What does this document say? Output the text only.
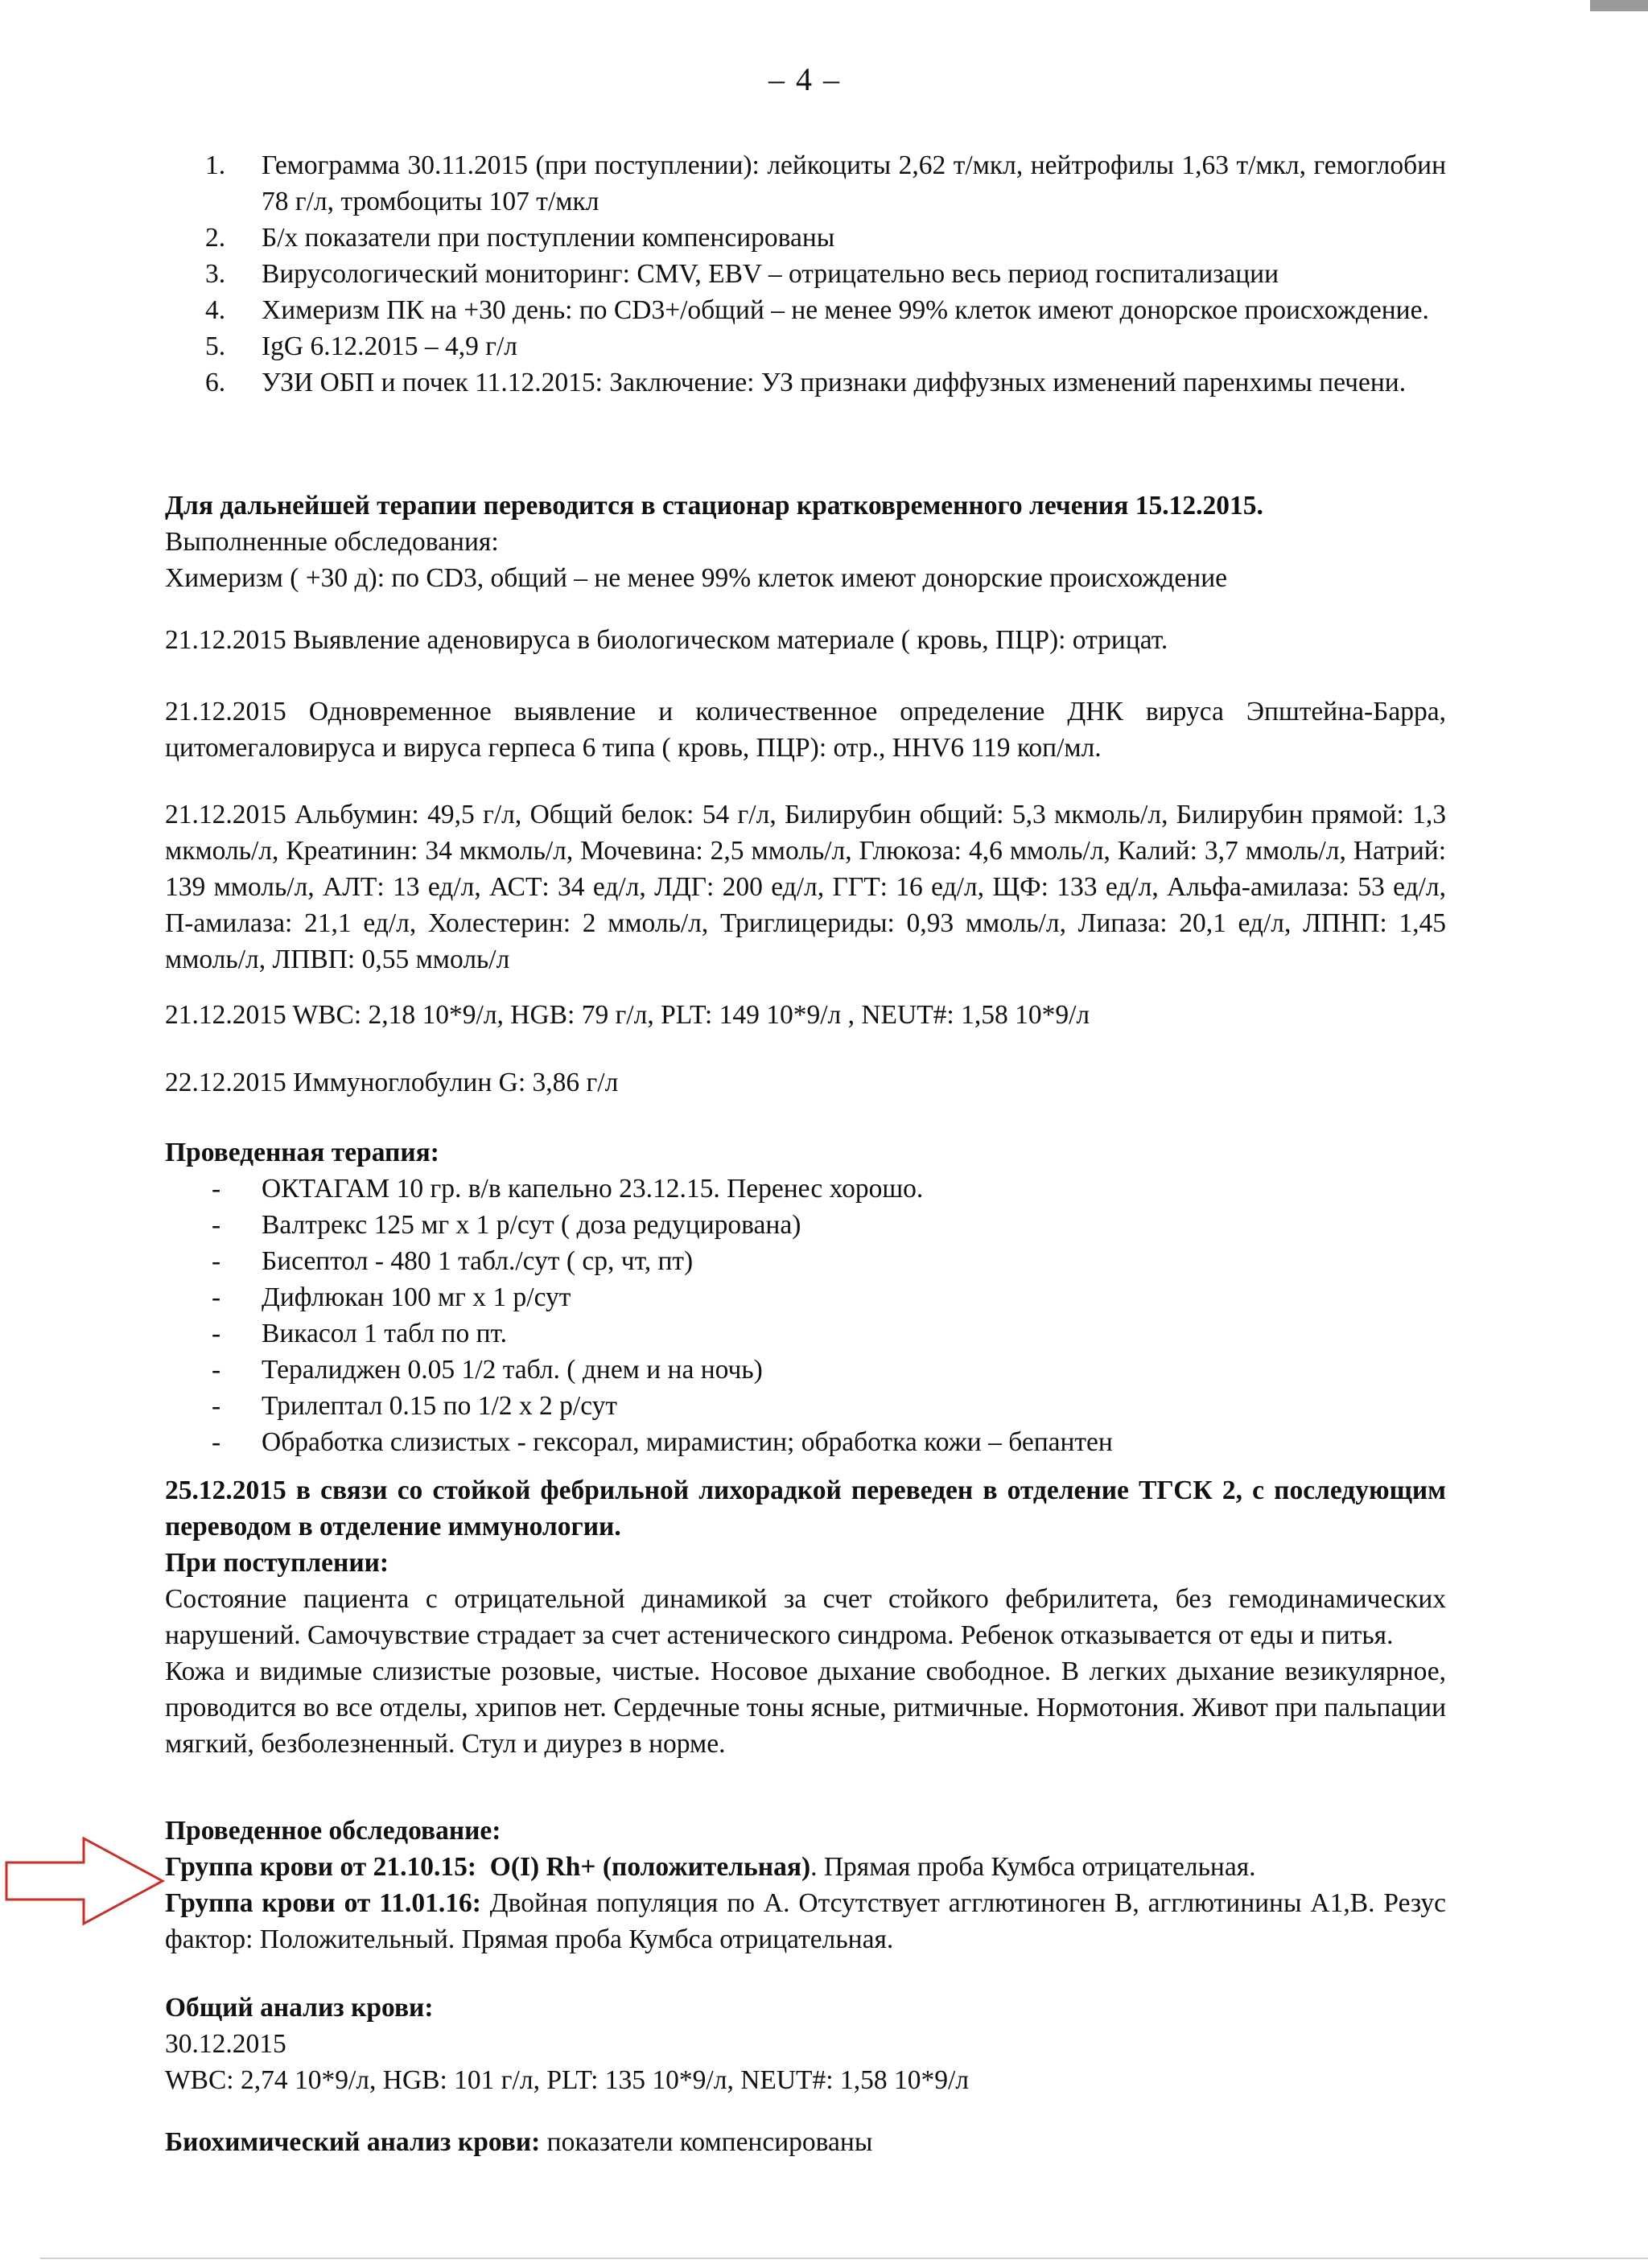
– 4 –
1. Гемограмма 30.11.2015 (при поступлении): лейкоциты 2,62 т/мкл, нейтрофилы 1,63 т/мкл, гемоглобин 78 г/л, тромбоциты 107 т/мкл
2. Б/х показатели при поступлении компенсированы
3. Вирусологический мониторинг: CMV, EBV – отрицательно весь период госпитализации
4. Химеризм ПК на +30 день: по CD3+/общий – не менее 99% клеток имеют донорское происхождение.
5. IgG 6.12.2015 – 4,9 г/л
6. УЗИ ОБП и почек 11.12.2015: Заключение: УЗ признаки диффузных изменений паренхимы печени.

Для дальнейшей терапии переводится в стационар кратковременного лечения 15.12.2015.

Выполненные обследования:

Химеризм ( +30 д): по CD3, общий – не менее 99% клеток имеют донорские происхождение

21.12.2015 Выявление аденовируса в биологическом материале ( кровь, ПЦР): отрицат.

21.12.2015 Одновременное выявление и количественное определение ДНК вируса Эпштейна-Барра, цитомегаловируса и вируса герпеса 6 типа ( кровь, ПЦР): отр., HHV6 119 коп/мл.

21.12.2015 Альбумин: 49,5 г/л, Общий белок: 54 г/л, Билирубин общий: 5,3 мкмоль/л, Билирубин прямой: 1,3 мкмоль/л, Креатинин: 34 мкмоль/л, Мочевина: 2,5 ммоль/л, Глюкоза: 4,6 ммоль/л, Калий: 3,7 ммоль/л, Натрий: 139 ммоль/л, АЛТ: 13 ед/л, АСТ: 34 ед/л, ЛДГ: 200 ед/л, ГГТ: 16 ед/л, ЩФ: 133 ед/л, Альфа-амилаза: 53 ед/л, П-амилаза: 21,1 ед/л, Холестерин: 2 ммоль/л, Триглицериды: 0,93 ммоль/л, Липаза: 20,1 ед/л, ЛПНП: 1,45 ммоль/л, ЛПВП: 0,55 ммоль/л

21.12.2015 WBC: 2,18 10*9/л, HGB: 79 г/л, PLT: 149 10*9/л , NEUT#: 1,58 10*9/л

22.12.2015 Иммуноглобулин G: 3,86 г/л

Проведенная терапия:

- ОКТАГАМ 10 гр. в/в капельно 23.12.15. Перенес хорошо.
- Валтрекс 125 мг х 1 р/сут ( доза редуцирована)
- Бисептол - 480 1 табл./сут ( ср, чт, пт)
- Дифлюкан 100 мг х 1 р/сут
- Викасол 1 табл по пт.
- Тералиджен 0.05 1/2 табл. ( днем и на ночь)
- Трилептал 0.15 по 1/2 х 2 р/сут
- Обработка слизистых - гексорал, мирамистин; обработка кожи – бепантен

25.12.2015 в связи со стойкой фебрильной лихорадкой переведен в отделение ТГСК 2, с последующим переводом в отделение иммунологии.

При поступлении:

Состояние пациента с отрицательной динамикой за счет стойкого фебрилитета, без гемодинамических нарушений. Самочувствие страдает за счет астенического синдрома. Ребенок отказывается от еды и питья.

Кожа и видимые слизистые розовые, чистые. Носовое дыхание свободное. В легких дыхание везикулярное, проводится во все отделы, хрипов нет. Сердечные тоны ясные, ритмичные. Нормотония. Живот при пальпации мягкий, безболезненный. Стул и диурез в норме.

Проведенное обследование:

Группа крови от 21.10.15: O(I) Rh+ (положительная). Прямая проба Кумбса отрицательная.

Группа крови от 11.01.16: Двойная популяция по А. Отсутствует агглютиноген В, агглютинины А1,В. Резус фактор: Положительный. Прямая проба Кумбса отрицательная.

Общий анализ крови:

30.12.2015

WBC: 2,74 10*9/л, HGB: 101 г/л, PLT: 135 10*9/л, NEUT#: 1,58 10*9/л

Биохимический анализ крови: показатели компенсированы
